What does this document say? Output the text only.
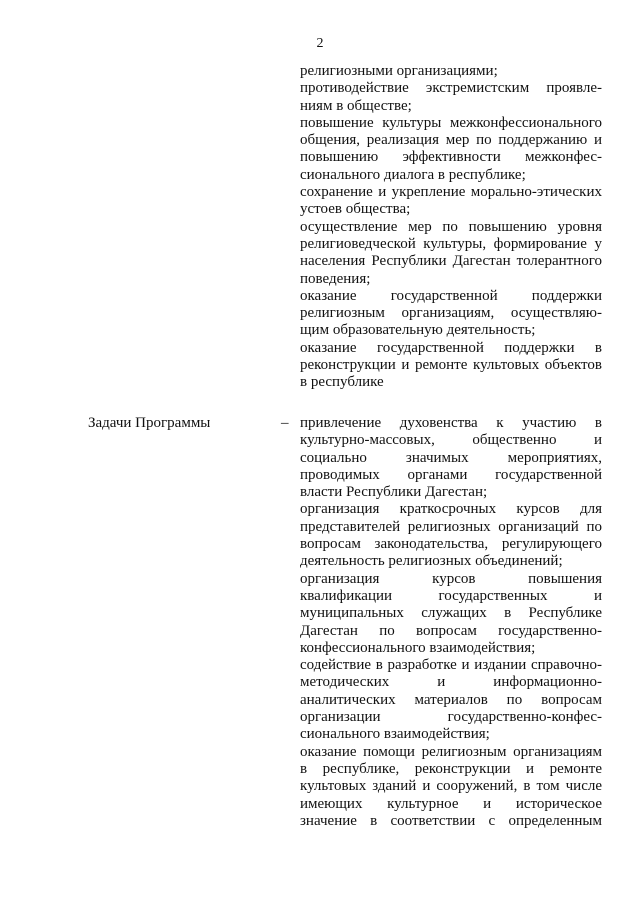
2
религиозными организациями;
противодействие экстремистским проявле-
ниям в обществе;
повышение культуры межконфессионального
общения, реализация мер по поддержанию и
повышению эффективности межконфес-
сионального диалога в республике;
сохранение и укрепление морально-этических
устоев общества;
осуществление мер по повышению уровня
религиоведческой культуры, формирование у
населения Республики Дагестан толерантного
поведения;
оказание государственной поддержки
религиозным организациям, осуществляю-
щим образовательную деятельность;
оказание государственной поддержки в
реконструкции и ремонте культовых объектов
в республике
Задачи Программы	– привлечение духовенства к участию в
культурно-массовых, общественно и
социально значимых мероприятиях,
проводимых органами государственной
власти Республики Дагестан;
организация краткосрочных курсов для
представителей религиозных организаций по
вопросам законодательства, регулирующего
деятельность религиозных объединений;
организация курсов повышения
квалификации государственных и
муниципальных служащих в Республике
Дагестан по вопросам государственно-
конфессионального взаимодействия;
содействие в разработке и издании справочно-
методических и информационно-
аналитических материалов по вопросам
организации государственно-конфес-
сионального взаимодействия;
оказание помощи религиозным организациям
в республике, реконструкции и ремонте
культовых зданий и сооружений, в том числе
имеющих культурное и историческое
значение в соответствии с определенным
